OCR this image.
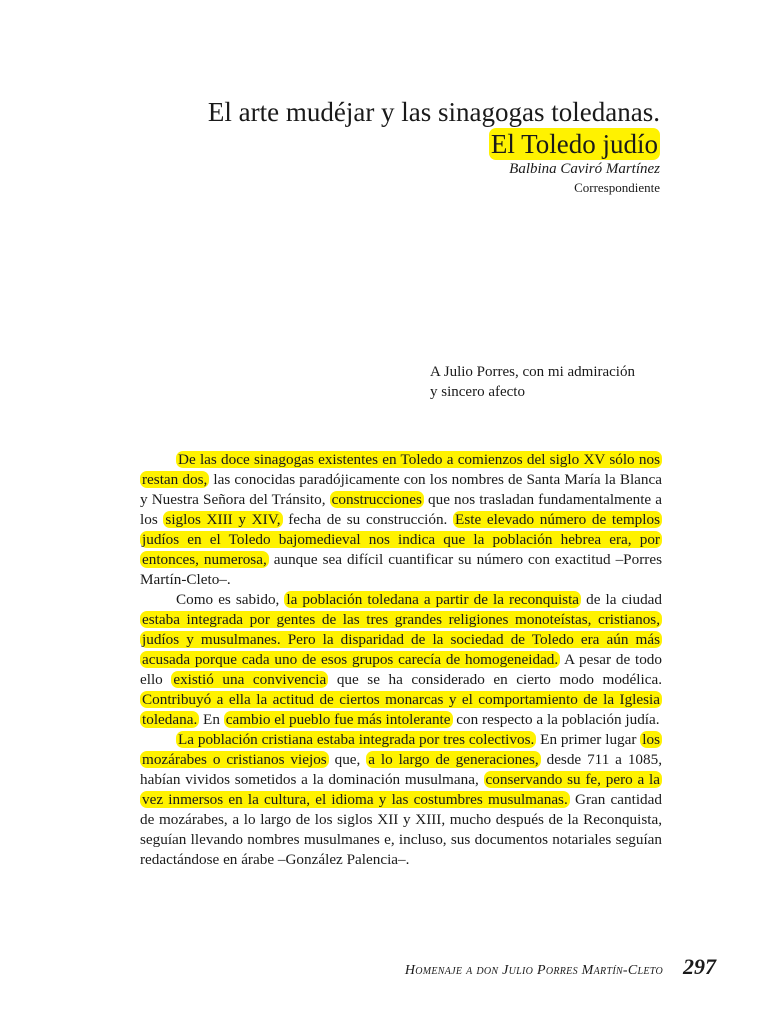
El arte mudéjar y las sinagogas toledanas.
El Toledo judío
Balbina Caviró Martínez
Correspondiente
A Julio Porres, con mi admiración
y sincero afecto

De las doce sinagogas existentes en Toledo a comienzos del siglo XV sólo nos restan dos, las conocidas paradójicamente con los nombres de Santa María la Blanca y Nuestra Señora del Tránsito, construcciones que nos trasladan fundamentalmente a los siglos XIII y XIV, fecha de su construcción. Este elevado número de templos judíos en el Toledo bajomedieval nos indica que la población hebrea era, por entonces, numerosa, aunque sea difícil cuantificar su número con exactitud –Porres Martín-Cleto–.

Como es sabido, la población toledana a partir de la reconquista de la ciudad estaba integrada por gentes de las tres grandes religiones monoteístas, cristianos, judíos y musulmanes. Pero la disparidad de la sociedad de Toledo era aún más acusada porque cada uno de esos grupos carecía de homogeneidad. A pesar de todo ello existió una convivencia que se ha considerado en cierto modo modélica. Contribuyó a ella la actitud de ciertos monarcas y el comportamiento de la Iglesia toledana. En cambio el pueblo fue más intolerante con respecto a la población judía.

La población cristiana estaba integrada por tres colectivos. En primer lugar los mozárabes o cristianos viejos que, a lo largo de generaciones, desde 711 a 1085, habían vividos sometidos a la dominación musulmana, conservando su fe, pero a la vez inmersos en la cultura, el idioma y las costumbres musulmanas. Gran cantidad de mozárabes, a lo largo de los siglos XII y XIII, mucho después de la Reconquista, seguían llevando nombres musulmanes e, incluso, sus documentos notariales seguían redactándose en árabe –González Palencia–.

Homenaje a don Julio Porres Martín-Cleto 297
